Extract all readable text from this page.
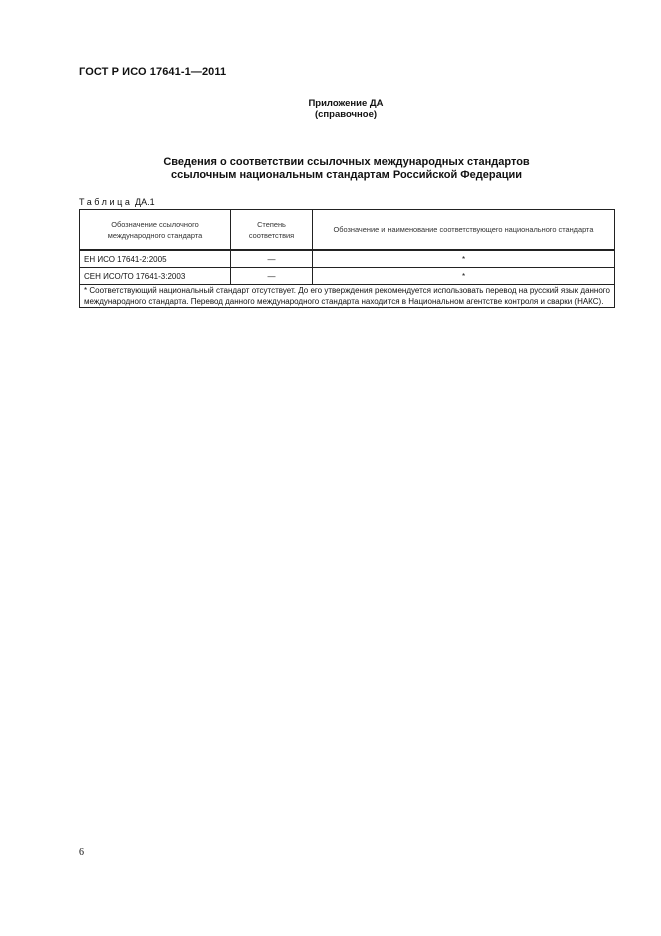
ГОСТ Р ИСО 17641-1—2011
Приложение ДА
(справочное)
Сведения о соответствии ссылочных международных стандартов
ссылочным национальным стандартам Российской Федерации
Таблица ДА.1
Обозначение ссылочного международного стандарта	Степень соответствия	Обозначение и наименование соответствующего национального стандарта
ЕН ИСО 17641-2:2005	—	*
СЕН ИСО/ТО 17641-3:2003	—	*
* Соответствующий национальный стандарт отсутствует. До его утверждения рекомендуется использовать перевод на русский язык данного международного стандарта. Перевод данного международного стандарта находится в Национальном агентстве контроля и сварки (НАКС).		
6
